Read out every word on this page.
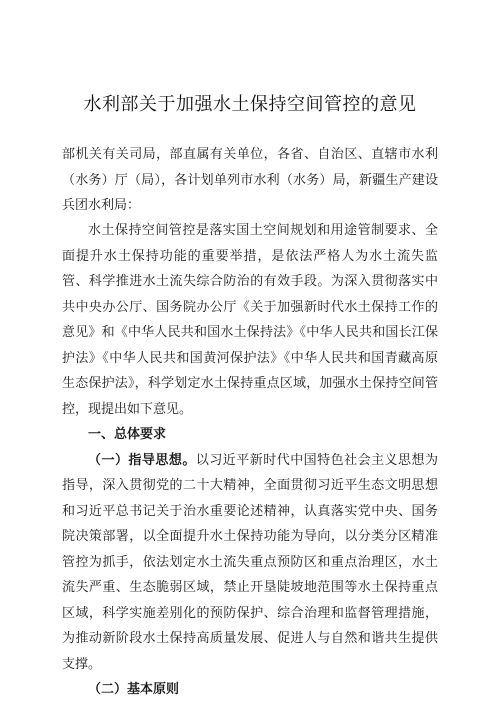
水利部关于加强水土保持空间管控的意见
部机关有关司局，部直属有关单位，各省、自治区、直辖市水利（水务）厅（局），各计划单列市水利（水务）局，新疆生产建设兵团水利局：

水土保持空间管控是落实国土空间规划和用途管制要求、全面提升水土保持功能的重要举措，是依法严格人为水土流失监管、科学推进水土流失综合防治的有效手段。为深入贯彻落实中共中央办公厅、国务院办公厅《关于加强新时代水土保持工作的意见》和《中华人民共和国水土保持法》《中华人民共和国长江保护法》《中华人民共和国黄河保护法》《中华人民共和国青藏高原生态保护法》，科学划定水土保持重点区域，加强水土保持空间管控，现提出如下意见。

一、总体要求

（一）指导思想。以习近平新时代中国特色社会主义思想为指导，深入贯彻党的二十大精神，全面贯彻习近平生态文明思想和习近平总书记关于治水重要论述精神，认真落实党中央、国务院决策部署，以全面提升水土保持功能为导向，以分类分区精准管控为抓手，依法划定水土流失重点预防区和重点治理区，水土流失严重、生态脆弱区域，禁止开垦陡坡地范围等水土保持重点区域，科学实施差别化的预防保护、综合治理和监督管理措施，为推动新阶段水土保持高质量发展、促进人与自然和谐共生提供支撑。

（二）基本原则
